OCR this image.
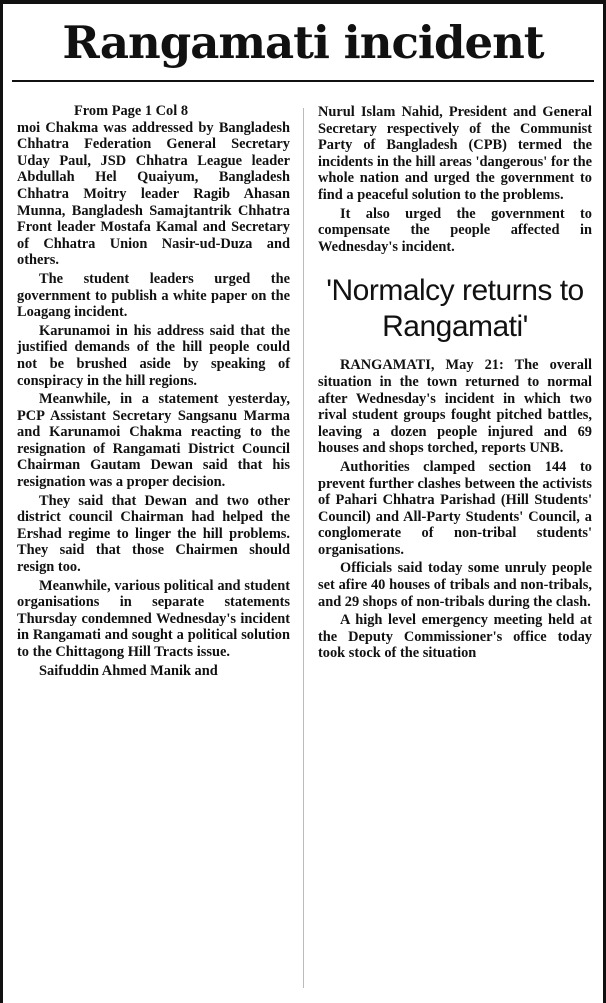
Rangamati incident
From Page 1 Col 8

moi Chakma was addressed by Bangladesh Chhatra Federation General Secretary Uday Paul, JSD Chhatra League leader Abdullah Hel Quaiyum, Bangladesh Chhatra Moitry leader Ragib Ahasan Munna, Bangladesh Samajtantrik Chhatra Front leader Mostafa Kamal and Secretary of Chhatra Union Nasir-ud-Duza and others.

The student leaders urged the government to publish a white paper on the Loagang incident.

Karunamoi in his address said that the justified demands of the hill people could not be brushed aside by speaking of conspiracy in the hill regions.

Meanwhile, in a statement yesterday, PCP Assistant Secretary Sangsanu Marma and Karunamoi Chakma reacting to the resignation of Rangamati District Council Chairman Gautam Dewan said that his resignation was a proper decision.

They said that Dewan and two other district council Chairman had helped the Ershad regime to linger the hill problems. They said that those Chairmen should resign too.

Meanwhile, various political and student organisations in separate statements Thursday condemned Wednesday's incident in Rangamati and sought a political solution to the Chittagong Hill Tracts issue.

Saifuddin Ahmed Manik and

Nurul Islam Nahid, President and General Secretary respectively of the Communist Party of Bangladesh (CPB) termed the incidents in the hill areas 'dangerous' for the whole nation and urged the government to find a peaceful solution to the problems.

It also urged the government to compensate the people affected in Wednesday's incident.

'Normalcy returns to Rangamati'

RANGAMATI, May 21: The overall situation in the town returned to normal after Wednesday's incident in which two rival student groups fought pitched battles, leaving a dozen people injured and 69 houses and shops torched, reports UNB.

Authorities clamped section 144 to prevent further clashes between the activists of Pahari Chhatra Parishad (Hill Students' Council) and All-Party Students' Council, a conglomerate of non-tribal students' organisations.

Officials said today some unruly people set afire 40 houses of tribals and non-tribals, and 29 shops of non-tribals during the clash.

A high level emergency meeting held at the Deputy Commissioner's office today took stock of the situation
